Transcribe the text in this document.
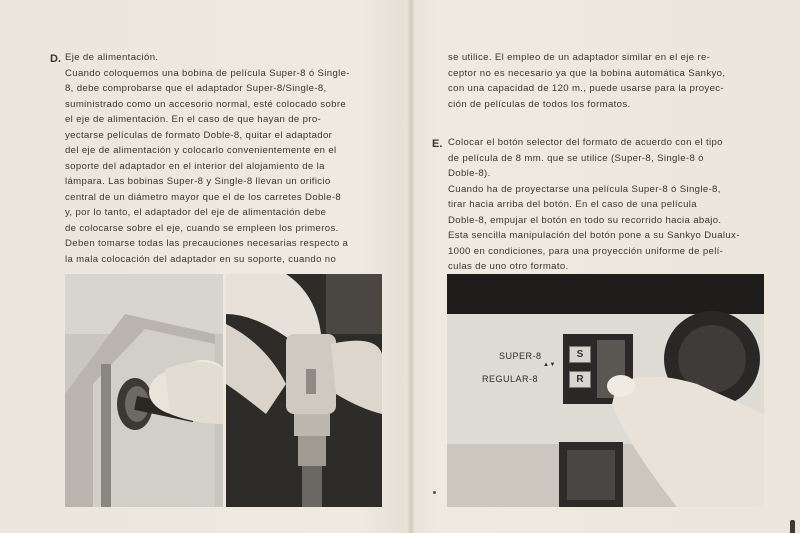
D. Eje de alimentación.

Cuando coloquemos una bobina de película Super-8 ó Single-

8, debe comprobarse que el adaptador Super-8/Single-8,

suministrado como un accesorio normal, esté colocado sobre

el eje de alimentación. En el caso de que hayan de pro-

yectarse películas de formato Doble-8, quitar el adaptador

del eje de alimentación y colocarlo convenientemente en el

soporte del adaptador en el interior del alojamiento de la

lámpara. Las bobinas Super-8 y Single-8 llevan un orificio

central de un diámetro mayor que el de los carretes Doble-8

y, por lo tanto, el adaptador del eje de alimentación debe

de colocarse sobre el eje, cuando se empleen los primeros.

Deben tomarse todas las precauciones necesarias respecto a

la mala colocación del adaptador en su soporte, cuando no

se utilice. El empleo de un adaptador similar en el eje re-

ceptor no es necesario ya que la bobina automática Sankyo,

con una capacidad de 120 m., puede usarse para la proyec-

ción de películas de todos los formatos.

E. Colocar el botón selector del formato de acuerdo con el tipo

de película de 8 mm. que se utilice (Super-8, Single-8 ó

Doble-8).

Cuando ha de proyectarse una película Super-8 ó Single-8,

tirar hacia arriba del botón. En el caso de una película

Doble-8, empujar el botón en todo su recorrido hacia abajo.

Esta sencilla manipulación del botón pone a su Sankyo Dualux-

1000 en condiciones, para una proyección uniforme de pelí-

culas de uno otro formato.

SUPER-8
▲▼
REGULAR-8
S
R
